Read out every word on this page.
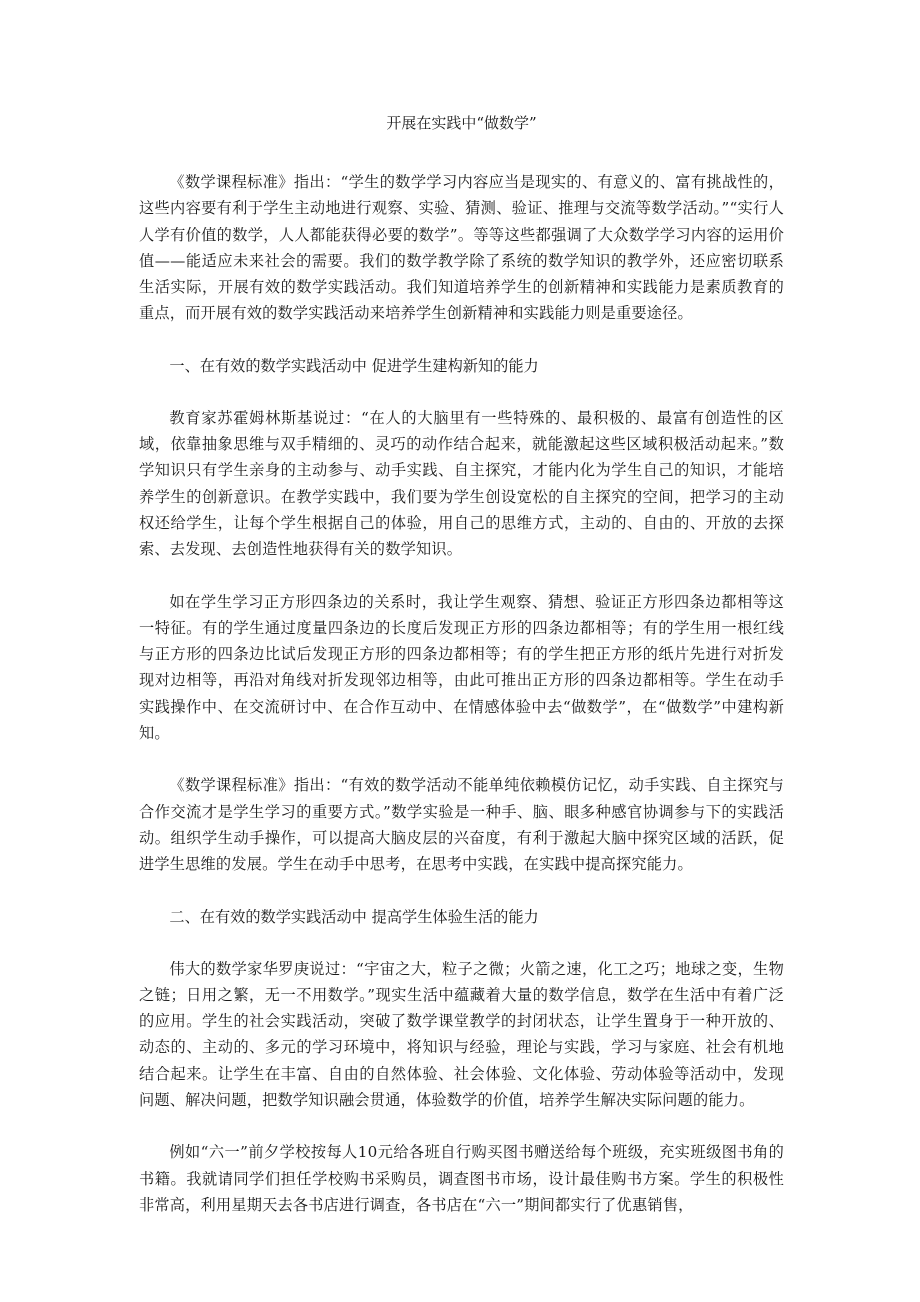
开展在实践中“做数学”

《数学课程标准》指出：“学生的数学学习内容应当是现实的、有意义的、富有挑战性的，这些内容要有利于学生主动地进行观察、实验、猜测、验证、推理与交流等数学活动。”“实行人人学有价值的数学，人人都能获得必要的数学”。等等这些都强调了大众数学学习内容的运用价值——能适应未来社会的需要。我们的数学教学除了系统的数学知识的教学外，还应密切联系生活实际，开展有效的数学实践活动。我们知道培养学生的创新精神和实践能力是素质教育的重点，而开展有效的数学实践活动来培养学生创新精神和实践能力则是重要途径。

一、在有效的数学实践活动中 促进学生建构新知的能力

教育家苏霍姆林斯基说过：“在人的大脑里有一些特殊的、最积极的、最富有创造性的区域，依靠抽象思维与双手精细的、灵巧的动作结合起来，就能激起这些区域积极活动起来。”数学知识只有学生亲身的主动参与、动手实践、自主探究，才能内化为学生自己的知识，才能培养学生的创新意识。在教学实践中，我们要为学生创设宽松的自主探究的空间，把学习的主动权还给学生，让每个学生根据自己的体验，用自己的思维方式，主动的、自由的、开放的去探索、去发现、去创造性地获得有关的数学知识。

如在学生学习正方形四条边的关系时，我让学生观察、猜想、验证正方形四条边都相等这一特征。有的学生通过度量四条边的长度后发现正方形的四条边都相等；有的学生用一根红线与正方形的四条边比试后发现正方形的四条边都相等；有的学生把正方形的纸片先进行对折发现对边相等，再沿对角线对折发现邻边相等，由此可推出正方形的四条边都相等。学生在动手实践操作中、在交流研讨中、在合作互动中、在情感体验中去“做数学”，在“做数学”中建构新知。

《数学课程标准》指出：“有效的数学活动不能单纯依赖模仿记忆，动手实践、自主探究与合作交流才是学生学习的重要方式。”数学实验是一种手、脑、眼多种感官协调参与下的实践活动。组织学生动手操作，可以提高大脑皮层的兴奋度，有利于激起大脑中探究区域的活跃，促进学生思维的发展。学生在动手中思考，在思考中实践，在实践中提高探究能力。

二、在有效的数学实践活动中 提高学生体验生活的能力

伟大的数学家华罗庚说过：“宇宙之大，粒子之微；火箭之速，化工之巧；地球之变，生物之链；日用之繁，无一不用数学。”现实生活中蕴藏着大量的数学信息，数学在生活中有着广泛的应用。学生的社会实践活动，突破了数学课堂教学的封闭状态，让学生置身于一种开放的、动态的、主动的、多元的学习环境中，将知识与经验，理论与实践，学习与家庭、社会有机地结合起来。让学生在丰富、自由的自然体验、社会体验、文化体验、劳动体验等活动中，发现问题、解决问题，把数学知识融会贯通，体验数学的价值，培养学生解决实际问题的能力。

例如“六一”前夕学校按每人10元给各班自行购买图书赠送给每个班级，充实班级图书角的书籍。我就请同学们担任学校购书采购员，调查图书市场，设计最佳购书方案。学生的积极性非常高，利用星期天去各书店进行调查，各书店在“六一”期间都实行了优惠销售，
